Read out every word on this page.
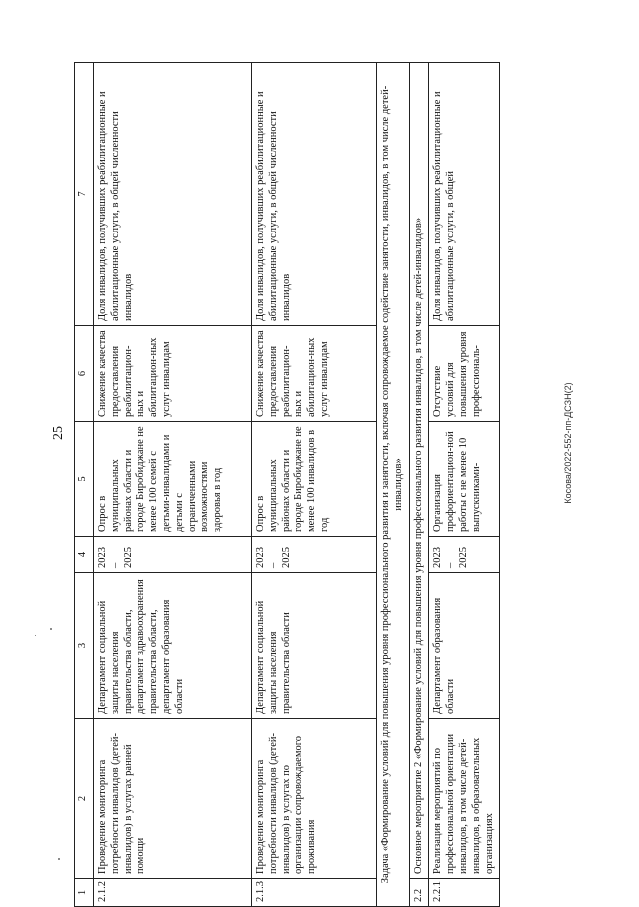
25
1	2	3	4	5	6	7
2.1.2	Проведение мониторинга потребности инвалидов (детей-инвалидов) в услугах ранней помощи	Департамент социальной защиты населения правительства области, департамент здравоохранения правительства области, департамент образования области	2023 – 2025	Опрос в муниципальных районах области и городе Биробиджане не менее 100 семей с детьми-инвалидами и детьми с ограниченными возможностями здоровья в год	Снижение качества предоставления реабилитацион-ных и абилитацион-ных услуг инвалидам	Доля инвалидов, получивших реабилитационные и абилитационные услуги, в общей численности инвалидов
2.1.3	Проведение мониторинга потребности инвалидов (детей-инвалидов) в услугах по организации сопровождаемого проживания	Департамент социальной защиты населения правительства области	2023 – 2025	Опрос в муниципальных районах области и городе Биробиджане не менее 100 инвалидов в год	Снижение качества предоставления реабилитацион-ных и абилитацион-ных услуг инвалидам	Доля инвалидов, получивших реабилитационные и абилитационные услуги, в общей численности инвалидов
Задача «Формирование условий для повышения уровня профессионального развития и занятости, включая сопровождаемое содействие занятости, инвалидов, в том числе детей-инвалидов»						
2.2	Основное мероприятие 2 «Формирование условий для повышения уровня профессионального развития инвалидов, в том числе детей-инвалидов»					
2.2.1	Реализация мероприятий по профессиональной ориентации инвалидов, в том числе детей-инвалидов, в образовательных организациях	Департамент образования области	2023 – 2025	Организация профориентацион-ной работы с не менее 10 выпускниками-	Отсутствие условий для повышения уровня профессиональ-	Доля инвалидов, получивших реабилитационные и абилитационные услуги, в общей
Косова/2022-552-пп-ДСЗН(2)
